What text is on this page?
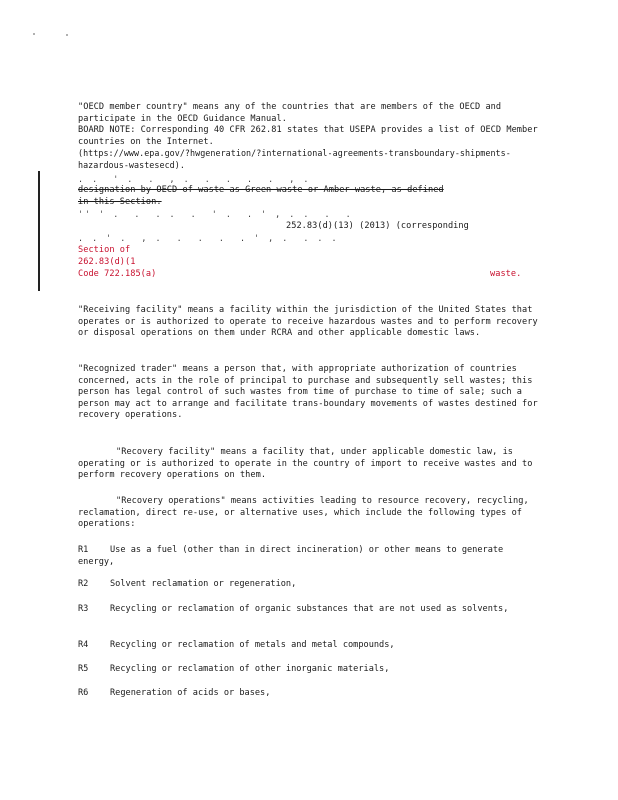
"OECD member country" means any of the countries that are members of the OECD and participate in the OECD Guidance Manual.
BOARD NOTE: Corresponding 40 CFR 262.81 states that USEPA provides a list of OECD Member countries on the Internet.
(https://www.epa.gov/?hwgeneration/?international-agreements-transboundary-shipments-hazardous-wastesecd).
. .  ' .  .  , .  .  .  .  .  , .
designation by OECD of waste as Green waste or Amber waste, as defined
in this Section.
'' ' .  .  . .  .  ' .  . ' , . .  .  .
252.83(d)(13) (2013) (corresponding
. . ' .  , .  .  .  .  . ' , .  . . .
Section of
262.83(d)(1
Code 722.185(a)	waste.
"Receiving facility" means a facility within the jurisdiction of the United States that operates or is authorized to operate to receive hazardous wastes and to perform recovery or disposal operations on them under RCRA and other applicable domestic laws.
"Recognized trader" means a person that, with appropriate authorization of countries concerned, acts in the role of principal to purchase and subsequently sell wastes; this person has legal control of such wastes from time of purchase to time of sale; such a person may act to arrange and facilitate trans-boundary movements of wastes destined for recovery operations.
"Recovery facility" means a facility that, under applicable domestic law, is operating or is authorized to operate in the country of import to receive wastes and to perform recovery operations on them.
"Recovery operations" means activities leading to resource recovery, recycling, reclamation, direct re-use, or alternative uses, which include the following types of operations:
R1	Use as a fuel (other than in direct incineration) or other means to generate energy,
R2	Solvent reclamation or regeneration,
R3	Recycling or reclamation of organic substances that are not used as solvents,
R4	Recycling or reclamation of metals and metal compounds,
R5	Recycling or reclamation of other inorganic materials,
R6	Regeneration of acids or bases,
